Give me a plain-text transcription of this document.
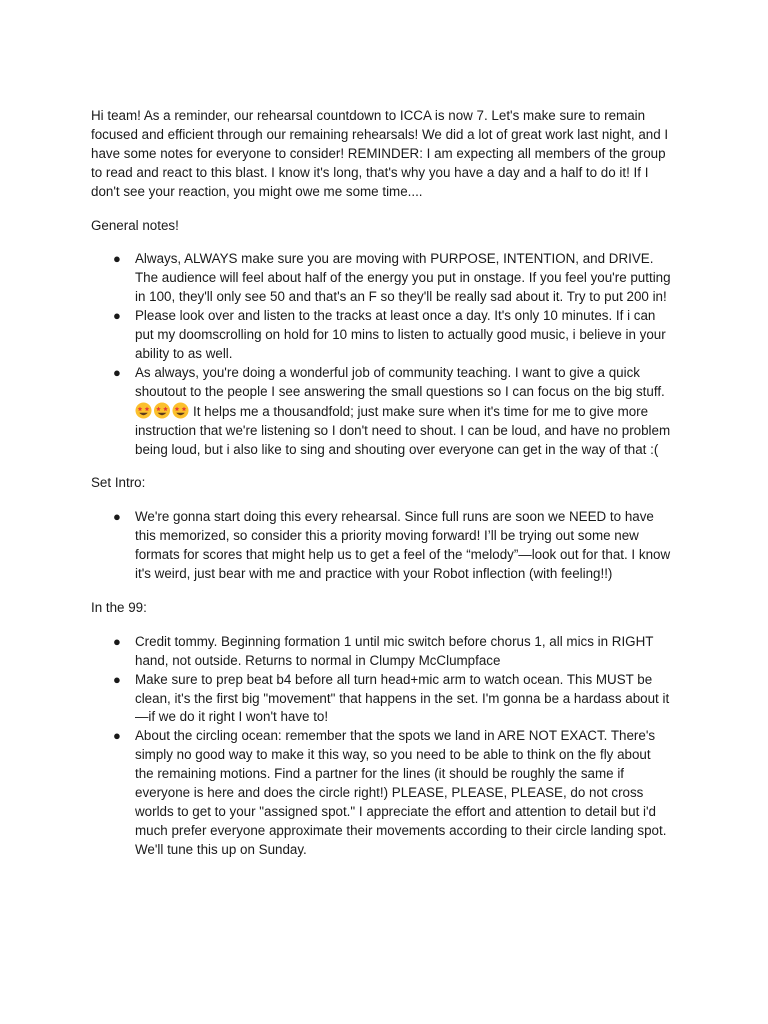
Hi team! As a reminder, our rehearsal countdown to ICCA is now 7. Let's make sure to remain focused and efficient through our remaining rehearsals! We did a lot of great work last night, and I have some notes for everyone to consider! REMINDER: I am expecting all members of the group to read and react to this blast. I know it's long, that's why you have a day and a half to do it! If I don't see your reaction, you might owe me some time....

General notes!

● Always, ALWAYS make sure you are moving with PURPOSE, INTENTION, and DRIVE. The audience will feel about half of the energy you put in onstage. If you feel you're putting in 100, they'll only see 50 and that's an F so they'll be really sad about it. Try to put 200 in!
● Please look over and listen to the tracks at least once a day. It's only 10 minutes. If i can put my doomscrolling on hold for 10 mins to listen to actually good music, i believe in your ability to as well.
● As always, you're doing a wonderful job of community teaching. I want to give a quick shoutout to the people I see answering the small questions so I can focus on the big stuff. It helps me a thousandfold; just make sure when it's time for me to give more instruction that we're listening so I don't need to shout. I can be loud, and have no problem being loud, but i also like to sing and shouting over everyone can get in the way of that :(

Set Intro:

● We're gonna start doing this every rehearsal. Since full runs are soon we NEED to have this memorized, so consider this a priority moving forward! I’ll be trying out some new formats for scores that might help us to get a feel of the “melody”—look out for that. I know it's weird, just bear with me and practice with your Robot inflection (with feeling!!)

In the 99:

● Credit tommy. Beginning formation 1 until mic switch before chorus 1, all mics in RIGHT hand, not outside. Returns to normal in Clumpy McClumpface
● Make sure to prep beat b4 before all turn head+mic arm to watch ocean. This MUST be clean, it's the first big "movement" that happens in the set. I'm gonna be a hardass about it—if we do it right I won't have to!
● About the circling ocean: remember that the spots we land in ARE NOT EXACT. There's simply no good way to make it this way, so you need to be able to think on the fly about the remaining motions. Find a partner for the lines (it should be roughly the same if everyone is here and does the circle right!) PLEASE, PLEASE, PLEASE, do not cross worlds to get to your "assigned spot." I appreciate the effort and attention to detail but i'd much prefer everyone approximate their movements according to their circle landing spot. We'll tune this up on Sunday.
